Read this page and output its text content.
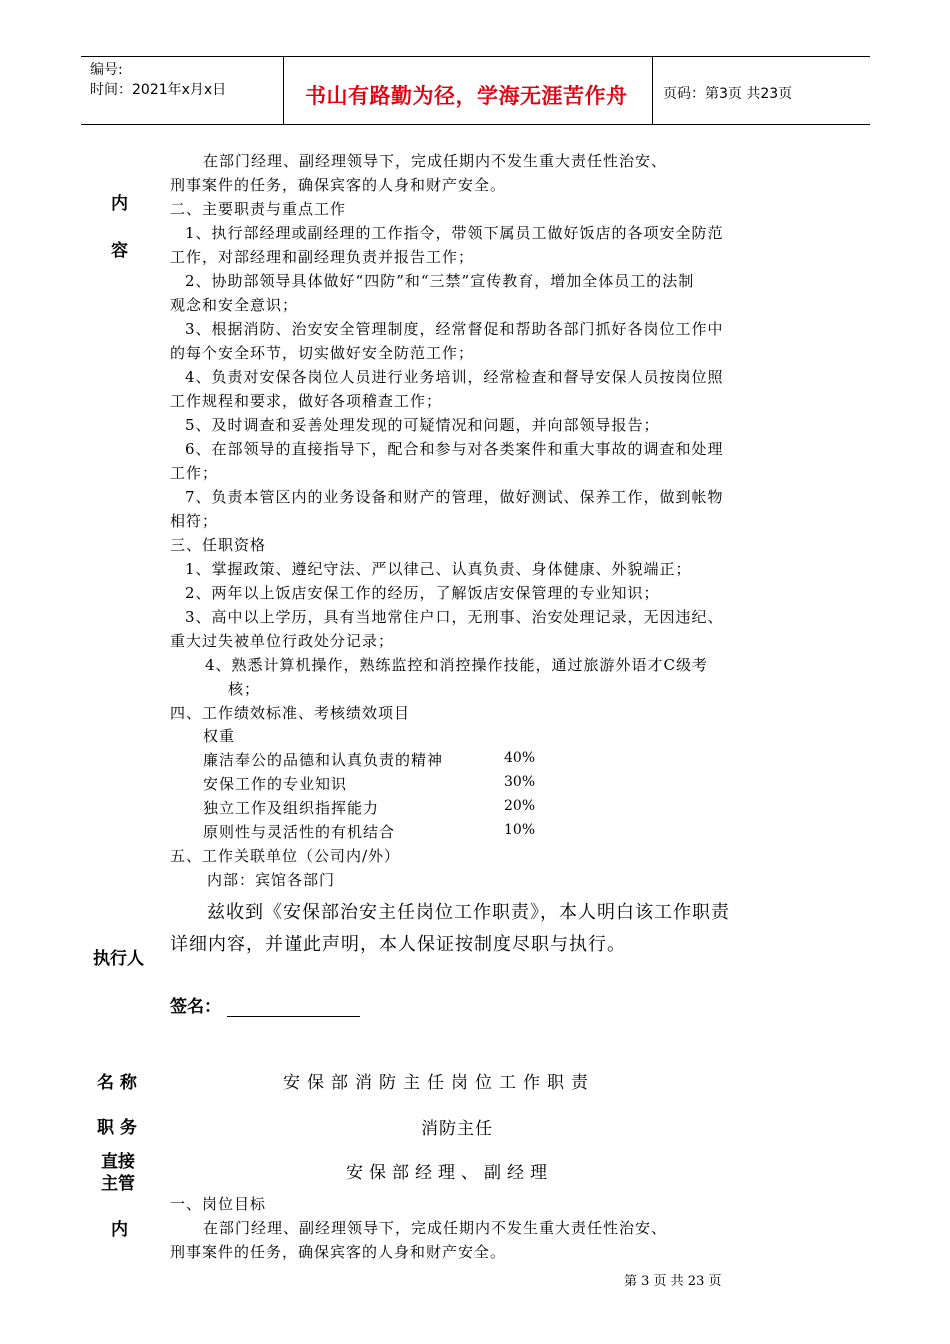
编号:
时间：2021年x月x日	书山有路勤为径，学海无涯苦作舟	页码：第3页 共23页
内
容
在部门经理、副经理领导下，完成任期内不发生重大责任性治安、
刑事案件的任务，确保宾客的人身和财产安全。
二、主要职责与重点工作
1、执行部经理或副经理的工作指令，带领下属员工做好饭店的各项安全防范
工作，对部经理和副经理负责并报告工作；
2、协助部领导具体做好“四防”和“三禁”宣传教育，增加全体员工的法制
观念和安全意识；
3、根据消防、治安安全管理制度，经常督促和帮助各部门抓好各岗位工作中
的每个安全环节，切实做好安全防范工作；
4、负责对安保各岗位人员进行业务培训，经常检查和督导安保人员按岗位照
工作规程和要求，做好各项稽查工作；
5、及时调查和妥善处理发现的可疑情况和问题，并向部领导报告；
6、在部领导的直接指导下，配合和参与对各类案件和重大事故的调查和处理
工作；
7、负责本管区内的业务设备和财产的管理，做好测试、保养工作，做到帐物
相符；
三、任职资格
1、掌握政策、遵纪守法、严以律己、认真负责、身体健康、外貌端正；
2、两年以上饭店安保工作的经历，了解饭店安保管理的专业知识；
3、高中以上学历，具有当地常住户口，无刑事、治安处理记录，无因违纪、
重大过失被单位行政处分记录；
4、熟悉计算机操作，熟练监控和消控操作技能，通过旅游外语才C级考
核；
四、工作绩效标准、考核绩效项目
权重
廉洁奉公的品德和认真负责的精神	40%
安保工作的专业知识	30%
独立工作及组织指挥能力	20%
原则性与灵活性的有机结合	10%
五、工作关联单位（公司内/外）
内部：宾馆各部门
执行人
兹收到《安保部治安主任岗位工作职责》，本人明白该工作职责
详细内容，并谨此声明，本人保证按制度尽职与执行。
签名：
名 称	安保部消防主任岗位工作职责
职 务	消防主任
直接
主管
安保部经理、副经理
内
一、岗位目标
在部门经理、副经理领导下，完成任期内不发生重大责任性治安、
刑事案件的任务，确保宾客的人身和财产安全。
第 3 页 共 23 页
